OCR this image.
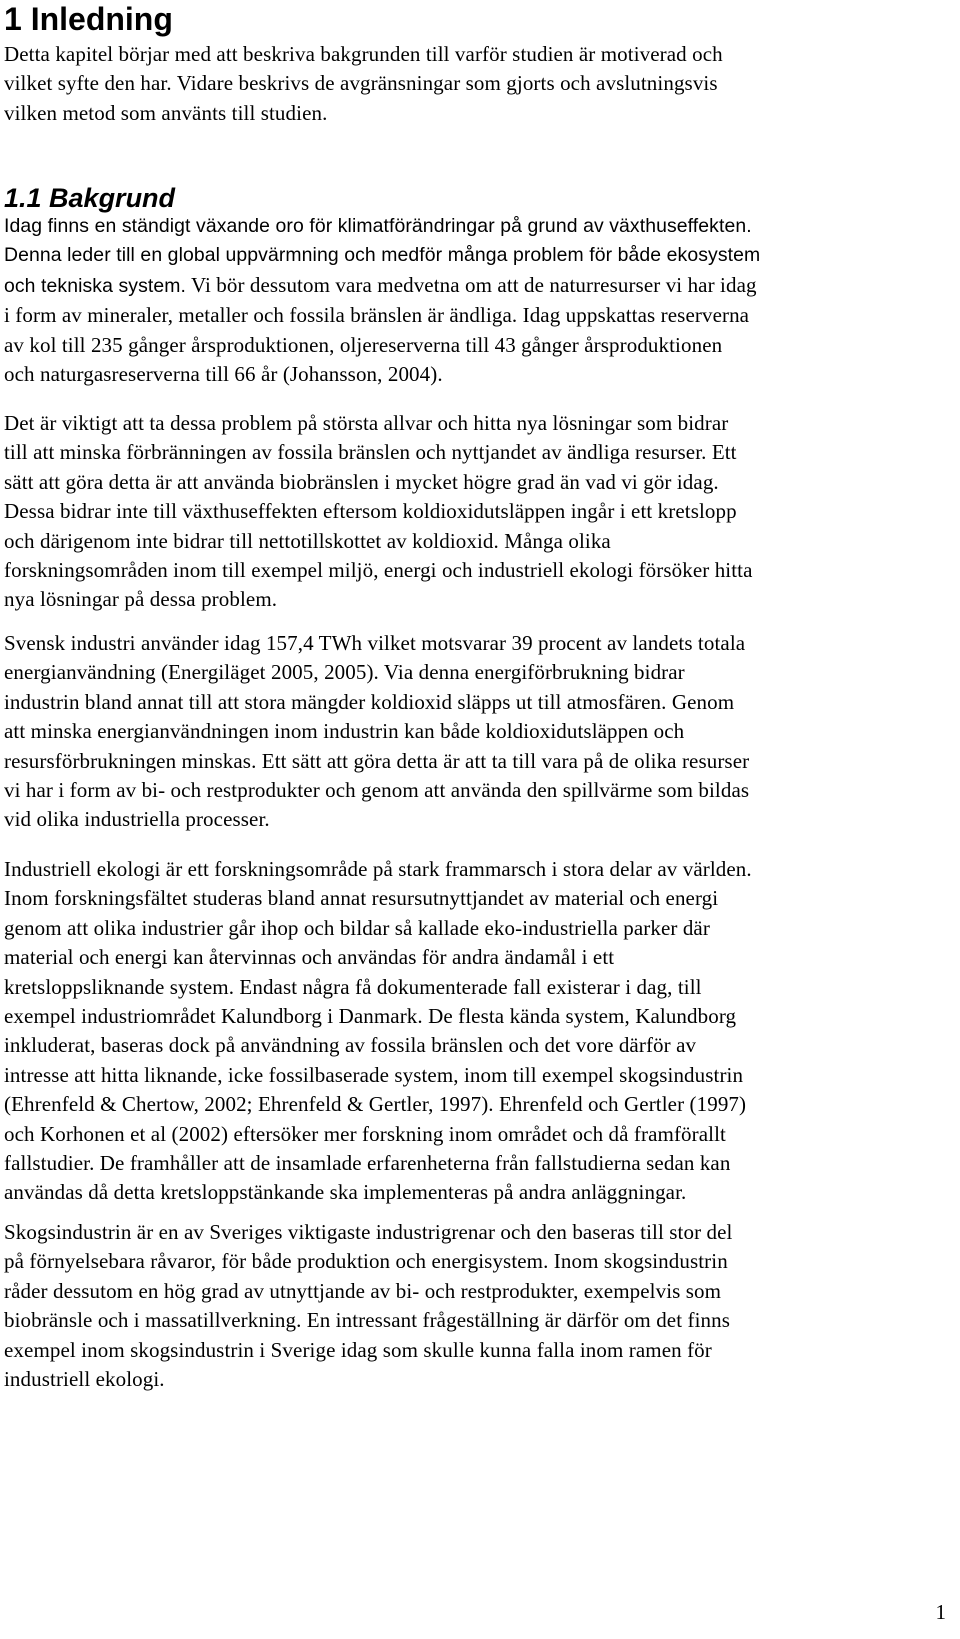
1 Inledning

Detta kapitel börjar med att beskriva bakgrunden till varför studien är motiverad och
vilket syfte den har. Vidare beskrivs de avgränsningar som gjorts och avslutningsvis
vilken metod som använts till studien.

1.1 Bakgrund

Idag finns en ständigt växande oro för klimatförändringar på grund av växthuseffekten.
Denna leder till en global uppvärmning och medför många problem för både ekosystem
och tekniska system. Vi bör dessutom vara medvetna om att de naturresurser vi har idag
i form av mineraler, metaller och fossila bränslen är ändliga. Idag uppskattas reserverna
av kol till 235 gånger årsproduktionen, oljereserverna till 43 gånger årsproduktionen
och naturgasreserverna till 66 år (Johansson, 2004).

Det är viktigt att ta dessa problem på största allvar och hitta nya lösningar som bidrar
till att minska förbränningen av fossila bränslen och nyttjandet av ändliga resurser. Ett
sätt att göra detta är att använda biobränslen i mycket högre grad än vad vi gör idag.
Dessa bidrar inte till växthuseffekten eftersom koldioxidutsläppen ingår i ett kretslopp
och därigenom inte bidrar till nettotillskottet av koldioxid. Många olika
forskningsområden inom till exempel miljö, energi och industriell ekologi försöker hitta
nya lösningar på dessa problem.

Svensk industri använder idag 157,4 TWh vilket motsvarar 39 procent av landets totala
energianvändning (Energiläget 2005, 2005). Via denna energiförbrukning bidrar
industrin bland annat till att stora mängder koldioxid släpps ut till atmosfären. Genom
att minska energianvändningen inom industrin kan både koldioxidutsläppen och
resursförbrukningen minskas. Ett sätt att göra detta är att ta till vara på de olika resurser
vi har i form av bi- och restprodukter och genom att använda den spillvärme som bildas
vid olika industriella processer.

Industriell ekologi är ett forskningsområde på stark frammarsch i stora delar av världen.
Inom forskningsfältet studeras bland annat resursutnyttjandet av material och energi
genom att olika industrier går ihop och bildar så kallade eko-industriella parker där
material och energi kan återvinnas och användas för andra ändamål i ett
kretsloppsliknande system. Endast några få dokumenterade fall existerar i dag, till
exempel industriområdet Kalundborg i Danmark. De flesta kända system, Kalundborg
inkluderat, baseras dock på användning av fossila bränslen och det vore därför av
intresse att hitta liknande, icke fossilbaserade system, inom till exempel skogsindustrin
(Ehrenfeld & Chertow, 2002; Ehrenfeld & Gertler, 1997). Ehrenfeld och Gertler (1997)
och Korhonen et al (2002) eftersöker mer forskning inom området och då framförallt
fallstudier. De framhåller att de insamlade erfarenheterna från fallstudierna sedan kan
användas då detta kretsloppstänkande ska implementeras på andra anläggningar.

Skogsindustrin är en av Sveriges viktigaste industrigrenar och den baseras till stor del
på förnyelsebara råvaror, för både produktion och energisystem. Inom skogsindustrin
råder dessutom en hög grad av utnyttjande av bi- och restprodukter, exempelvis som
biobränsle och i massatillverkning. En intressant frågeställning är därför om det finns
exempel inom skogsindustrin i Sverige idag som skulle kunna falla inom ramen för
industriell ekologi.

1
